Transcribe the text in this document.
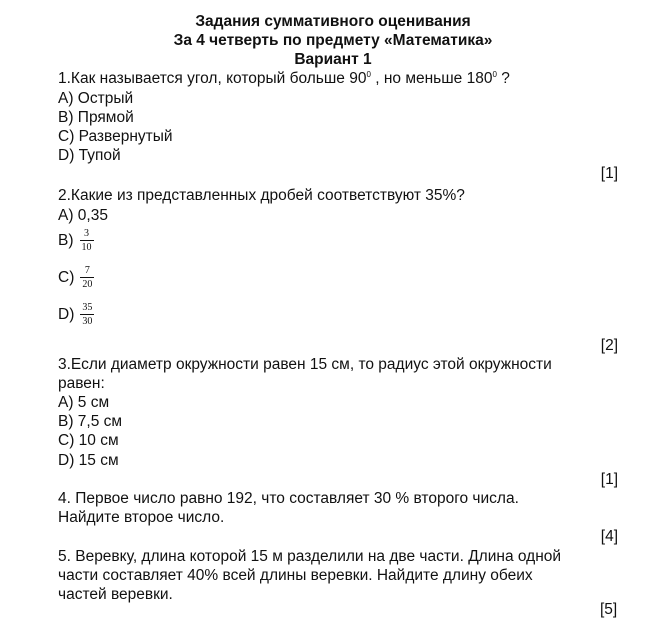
Задания суммативного оценивания
За 4 четверть по предмету «Математика»
Вариант 1
1.Как называется угол, который больше $90^0$ , но меньше $180^0$ ?
А) Острый
В) Прямой
С) Развернутый
D) Тупой
[1]
2.Какие из представленных дробей соответствуют 35%?
А) 0,35
$В) \frac{3}{10}$
$С) \frac{7}{20}$
$D) \frac{35}{30}$
[2]
3.Если диаметр окружности равен 15 см, то радиус этой окружности
равен:
А) 5 см
В) 7,5 см
С) 10 см
D) 15 см
[1]
4. Первое число равно 192, что составляет 30 % второго числа.
Найдите второе число.
[4]
5. Веревку, длина которой 15 м разделили на две части. Длина одной
части составляет 40% всей длины веревки. Найдите длину обеих
частей веревки.
[5]
